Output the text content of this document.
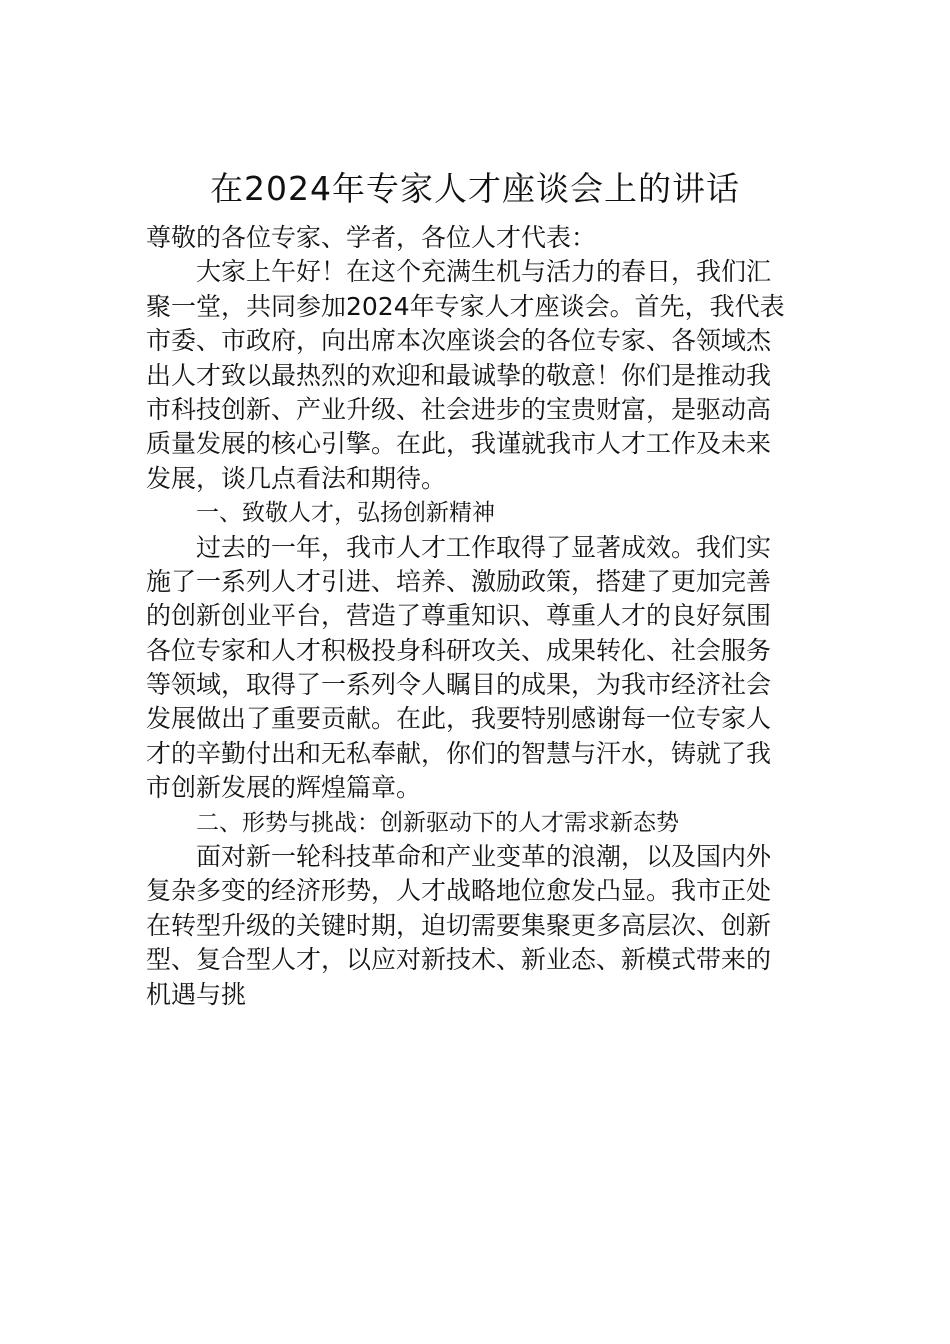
在2024年专家人才座谈会上的讲话
尊敬的各位专家、学者，各位人才代表：
大家上午好！在这个充满生机与活力的春日，我们汇
聚一堂，共同参加2024年专家人才座谈会。首先，我代表
市委、市政府，向出席本次座谈会的各位专家、各领域杰
出人才致以最热烈的欢迎和最诚挚的敬意！你们是推动我
市科技创新、产业升级、社会进步的宝贵财富，是驱动高
质量发展的核心引擎。在此，我谨就我市人才工作及未来
发展，谈几点看法和期待。
一、致敬人才，弘扬创新精神
过去的一年，我市人才工作取得了显著成效。我们实
施了一系列人才引进、培养、激励政策，搭建了更加完善
的创新创业平台，营造了尊重知识、尊重人才的良好氛围
各位专家和人才积极投身科研攻关、成果转化、社会服务
等领域，取得了一系列令人瞩目的成果，为我市经济社会
发展做出了重要贡献。在此，我要特别感谢每一位专家人
才的辛勤付出和无私奉献，你们的智慧与汗水，铸就了我
市创新发展的辉煌篇章。
二、形势与挑战：创新驱动下的人才需求新态势
面对新一轮科技革命和产业变革的浪潮，以及国内外
复杂多变的经济形势，人才战略地位愈发凸显。我市正处
在转型升级的关键时期，迫切需要集聚更多高层次、创新
型、复合型人才，以应对新技术、新业态、新模式带来的
机遇与挑
